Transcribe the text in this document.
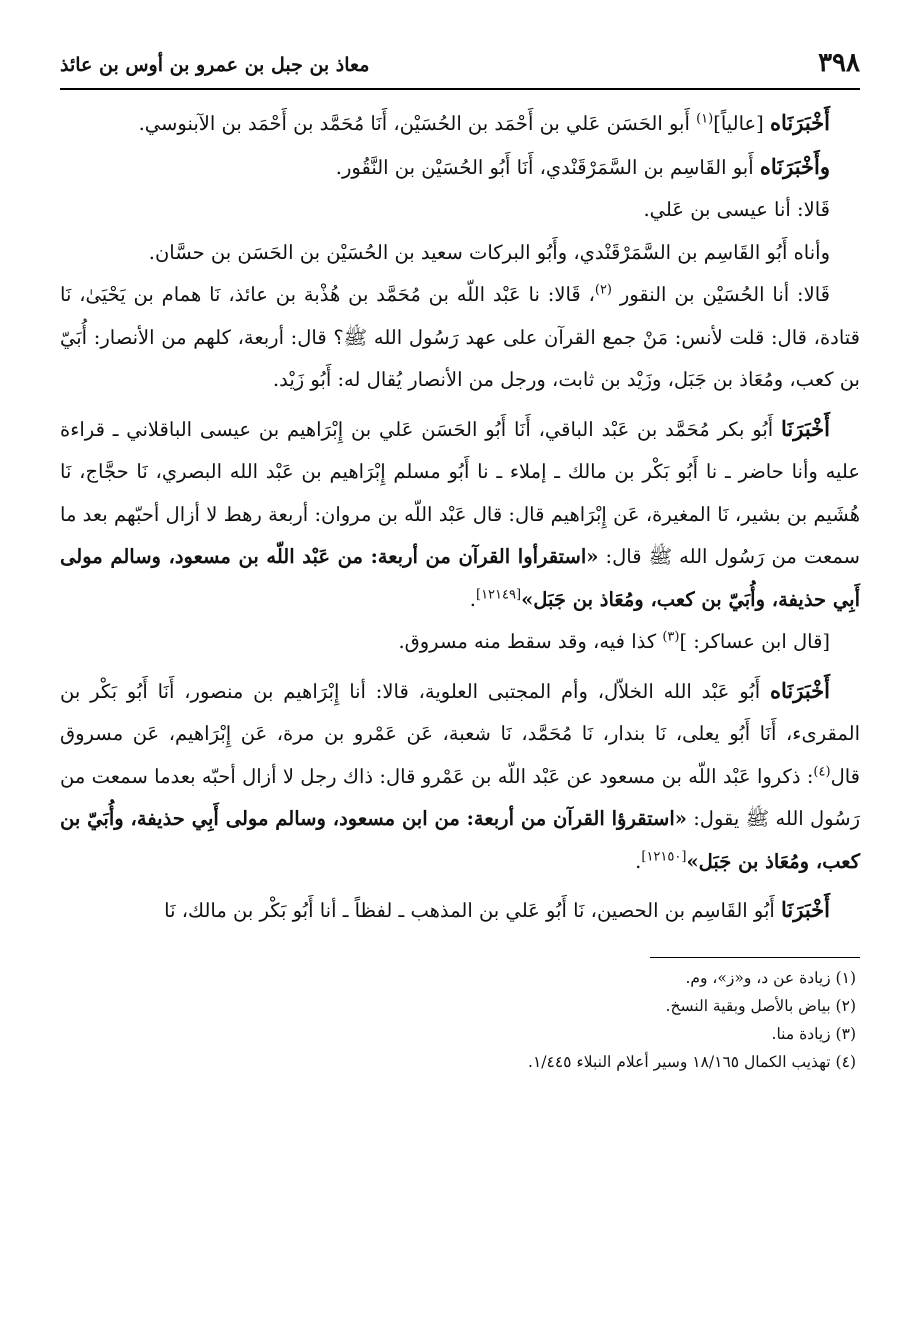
٣٩٨
معاذ بن جبل بن عمرو بن أوس بن عائذ

أَخْبَرَنَاه [عالياً]$^{(١)}$ أَبو الحَسَن عَلي بن أَحْمَد بن الحُسَيْن، أَنَا مُحَمَّد بن أَحْمَد بن الآبنوسي.

وأَخْبَرَنَاه أَبو القَاسِم بن السَّمَرْقَنْدي، أَنَا أَبُو الحُسَيْن بن النَّقُور.

قَالا: أنا عيسى بن عَلي.

وأناه أَبُو القَاسِم بن السَّمَرْقَنْدي، وأَبُو البركات سعيد بن الحُسَيْن بن الحَسَن بن حسَّان.

قَالا: أنا الحُسَيْن بن النقور $^{(٢)}$، قَالا: نا عَبْد اللّه بن مُحَمَّد بن هُذْبة بن عائذ، نَا همام بن يَحْيَىٰ، نَا قتادة، قال: قلت لأنس: مَنْ جمع القرآن على عهد رَسُول الله ﷺ؟ قال: أربعة، كلهم من الأنصار: أُبَيّ بن كعب، ومُعَاذ بن جَبَل، وزَيْد بن ثابت، ورجل من الأنصار يُقال له: أَبُو زَيْد.

أَخْبَرَنَا أَبُو بكر مُحَمَّد بن عَبْد الباقي، أَنَا أَبُو الحَسَن عَلي بن إِبْرَاهيم بن عيسى الباقلاني ـ قراءة عليه وأنا حاضر ـ نا أَبُو بَكْر بن مالك ـ إملاء ـ نا أَبُو مسلم إِبْرَاهيم بن عَبْد الله البصري، نَا حجَّاج، نَا هُشَيم بن بشير، نَا المغيرة، عَن إِبْرَاهيم قال: قال عَبْد اللّه بن مروان: أربعة رهط لا أزال أحبّهم بعد ما سمعت من رَسُول الله ﷺ قال: «استقرأوا القرآن من أربعة: من عَبْد اللّه بن مسعود، وسالم مولى أَبِي حذيفة، وأُبَيّ بن كعب، ومُعَاذ بن جَبَل»[١٢١٤٩].

[قال ابن عساكر: ]$^{(٣)}$ كذا فيه، وقد سقط منه مسروق.

أَخْبَرَنَاه أَبُو عَبْد الله الخلاّل، وأم المجتبى العلوية، قالا: أنا إِبْرَاهيم بن منصور، أَنَا أَبُو بَكْر بن المقرىء، أَنَا أَبُو يعلى، نَا بندار، نَا مُحَمَّد، نَا شعبة، عَن عَمْرو بن مرة، عَن إِبْرَاهيم، عَن مسروق قال$^{(٤)}$: ذكروا عَبْد اللّه بن مسعود عن عَبْد اللّه بن عَمْرو قال: ذاك رجل لا أزال أحبّه بعدما سمعت من رَسُول الله ﷺ يقول: «استقرؤا القرآن من أربعة: من ابن مسعود، وسالم مولى أَبِي حذيفة، وأُبَيّ بن كعب، ومُعَاذ بن جَبَل»[١٢١٥٠].

أَخْبَرَنَا أَبُو القَاسِم بن الحصين، نَا أَبُو عَلي بن المذهب ـ لفظاً ـ أنا أَبُو بَكْر بن مالك، نَا

(١) زيادة عن د، و«ز»، وم.

(٢) بياض بالأصل وبقية النسخ.

(٣) زيادة منا.

(٤) تهذيب الكمال ١٨/١٦٥ وسير أعلام النبلاء ١/٤٤٥.
